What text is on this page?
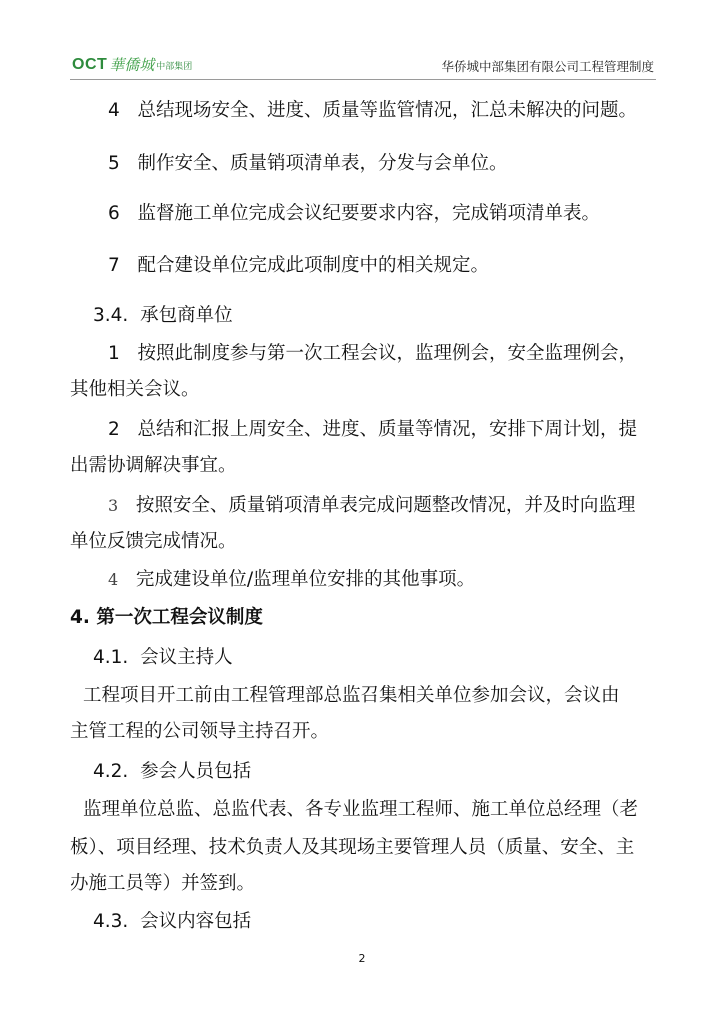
OCT 華僑城 中部集团	华侨城中部集团有限公司工程管理制度
4 总结现场安全、进度、质量等监管情况，汇总未解决的问题。
5 制作安全、质量销项清单表，分发与会单位。
6 监督施工单位完成会议纪要要求内容，完成销项清单表。
7 配合建设单位完成此项制度中的相关规定。
3.4. 承包商单位
1 按照此制度参与第一次工程会议，监理例会，安全监理例会，
其他相关会议。
2 总结和汇报上周安全、进度、质量等情况，安排下周计划，提
出需协调解决事宜。
3 按照安全、质量销项清单表完成问题整改情况，并及时向监理
单位反馈完成情况。
4 完成建设单位/监理单位安排的其他事项。
4. 第一次工程会议制度
4.1. 会议主持人
工程项目开工前由工程管理部总监召集相关单位参加会议，会议由
主管工程的公司领导主持召开。
4.2. 参会人员包括
监理单位总监、总监代表、各专业监理工程师、施工单位总经理（老
板）、项目经理、技术负责人及其现场主要管理人员（质量、安全、主
办施工员等）并签到。
4.3. 会议内容包括
2
